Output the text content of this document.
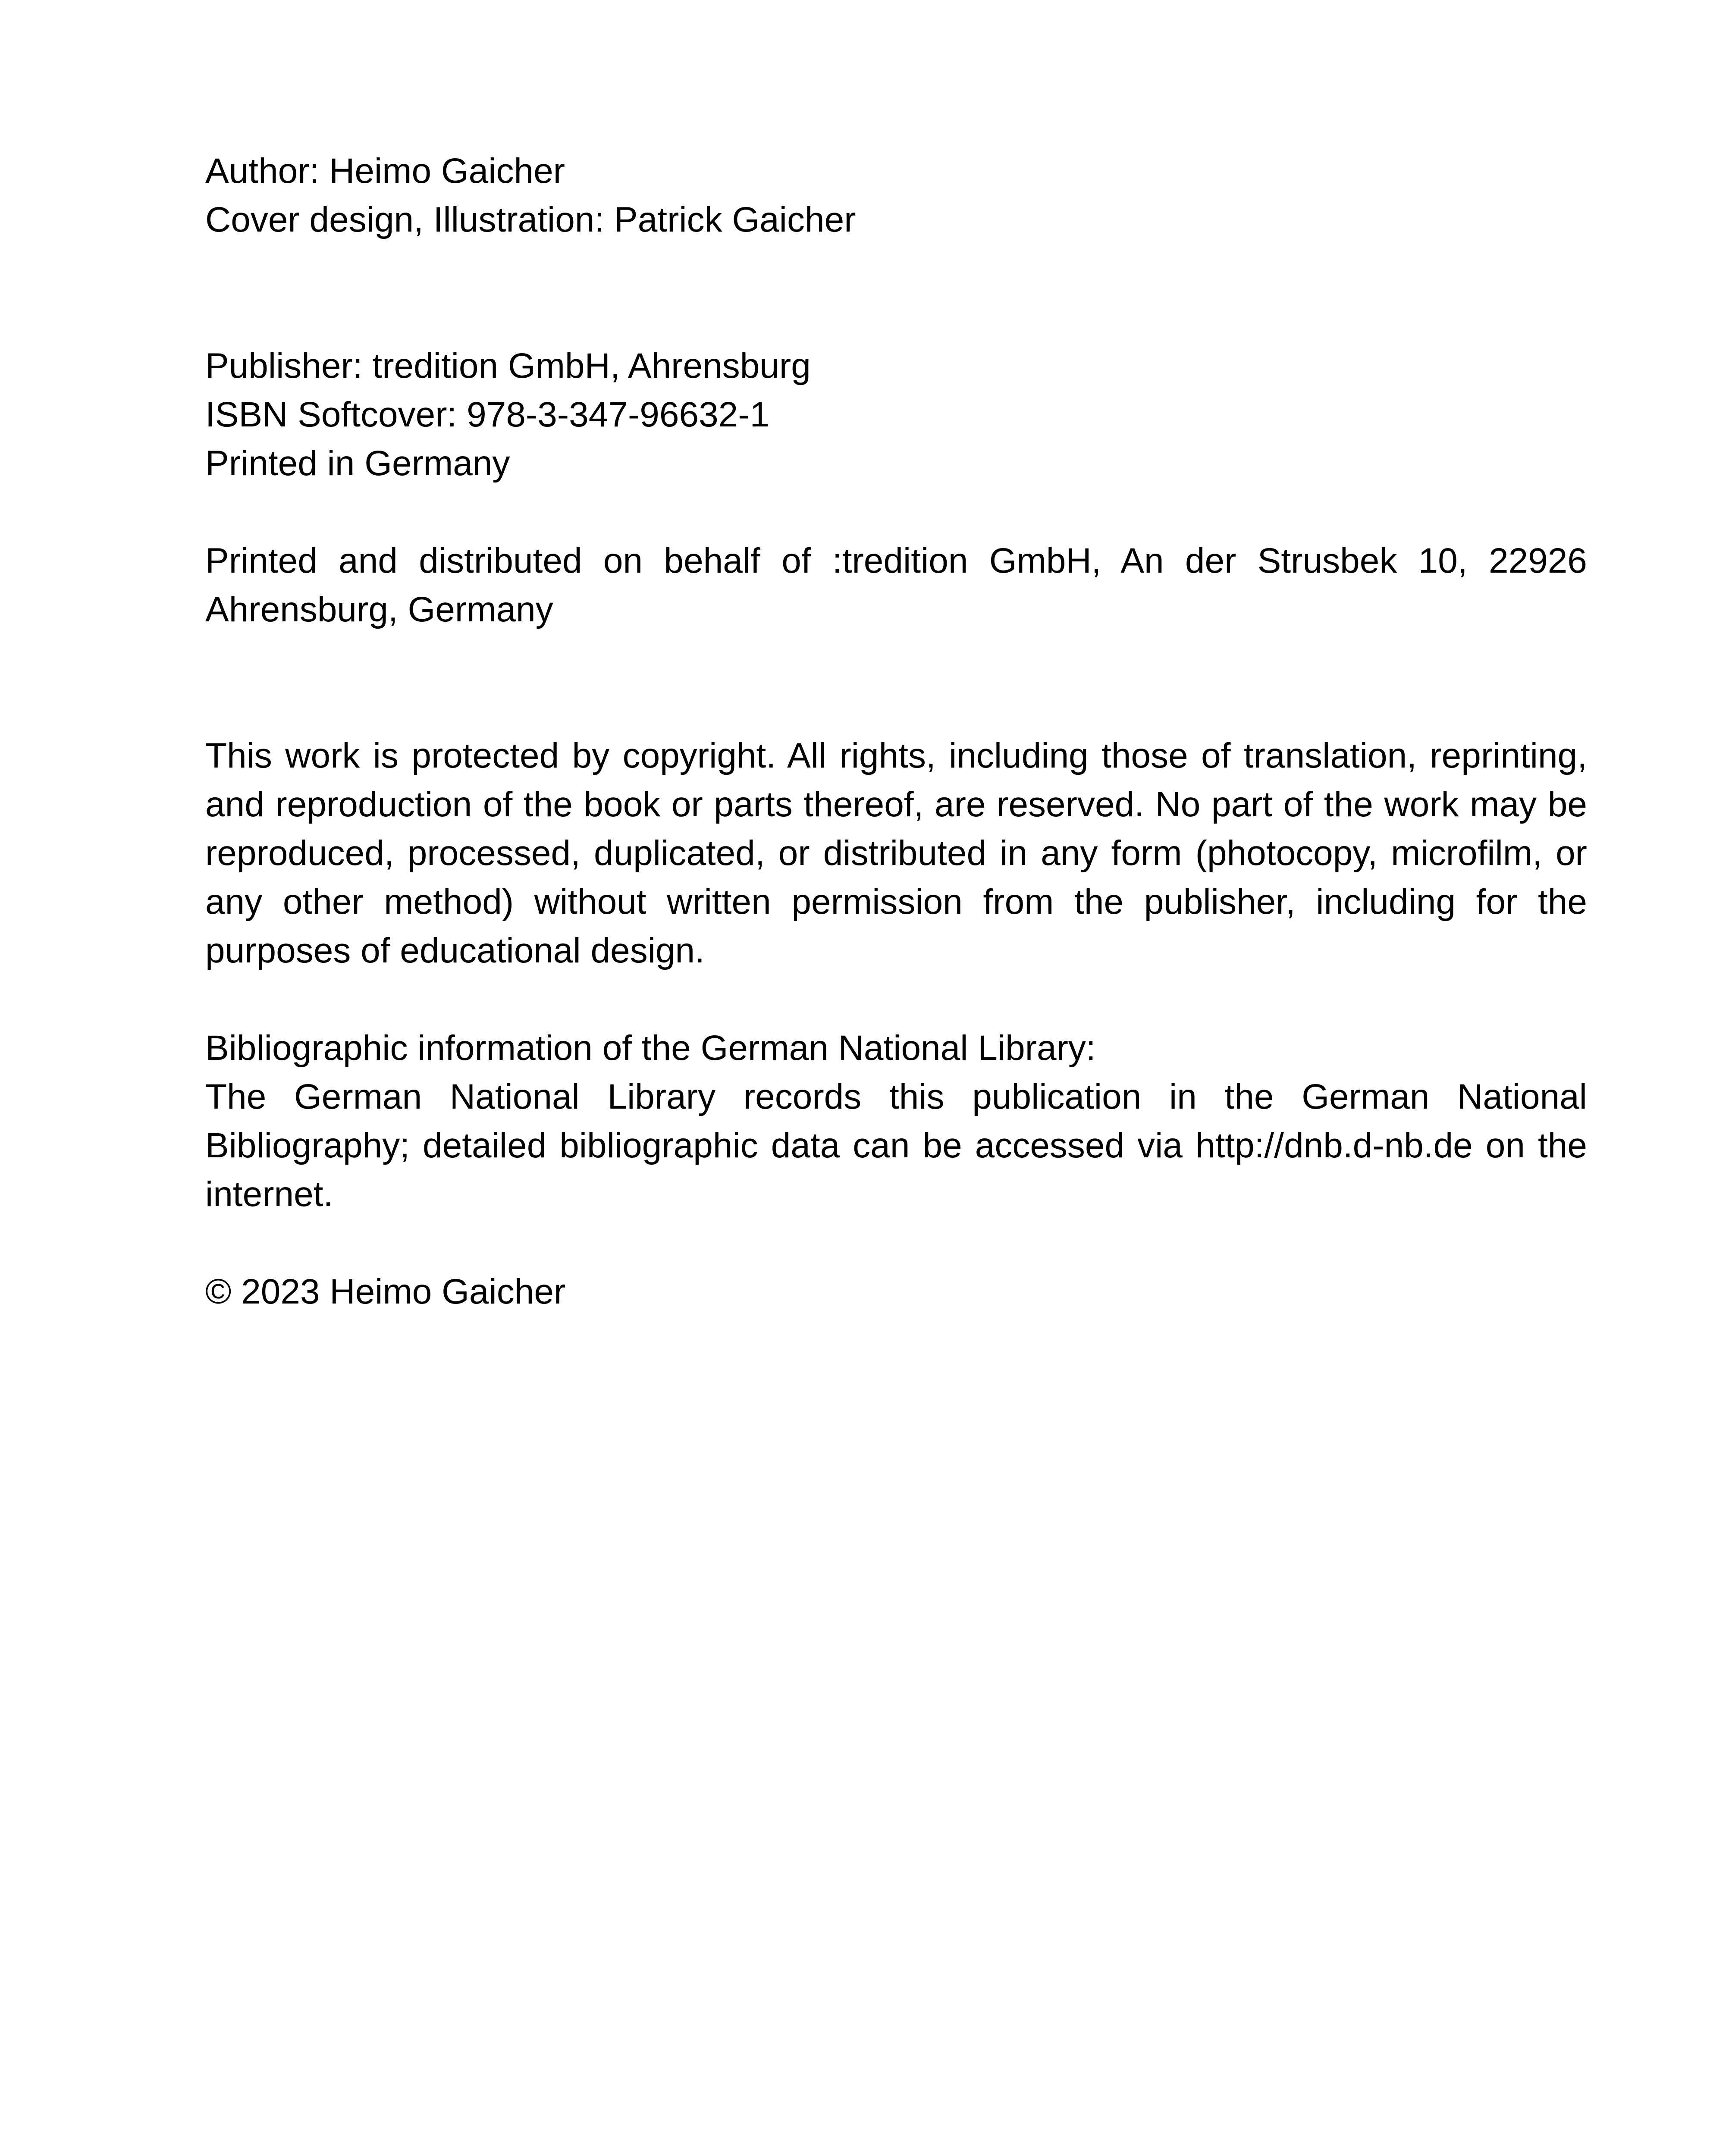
Author: Heimo Gaicher

Cover design, Illustration: Patrick Gaicher

Publisher: tredition GmbH, Ahrensburg

ISBN Softcover: 978-3-347-96632-1

Printed in Germany

Printed and distributed on behalf of :tredition GmbH, An der Strusbek 10, 22926 Ahrensburg, Germany

This work is protected by copyright. All rights, including those of translation, reprinting, and reproduction of the book or parts thereof, are reserved. No part of the work may be reproduced, processed, duplicated, or distributed in any form (photocopy, microfilm, or any other method) without written permission from the publisher, including for the purposes of educational design.

Bibliographic information of the German National Library:

The German National Library records this publication in the German National Bibliography; detailed bibliographic data can be accessed via http://dnb.d-nb.de on the internet.

© 2023 Heimo Gaicher
